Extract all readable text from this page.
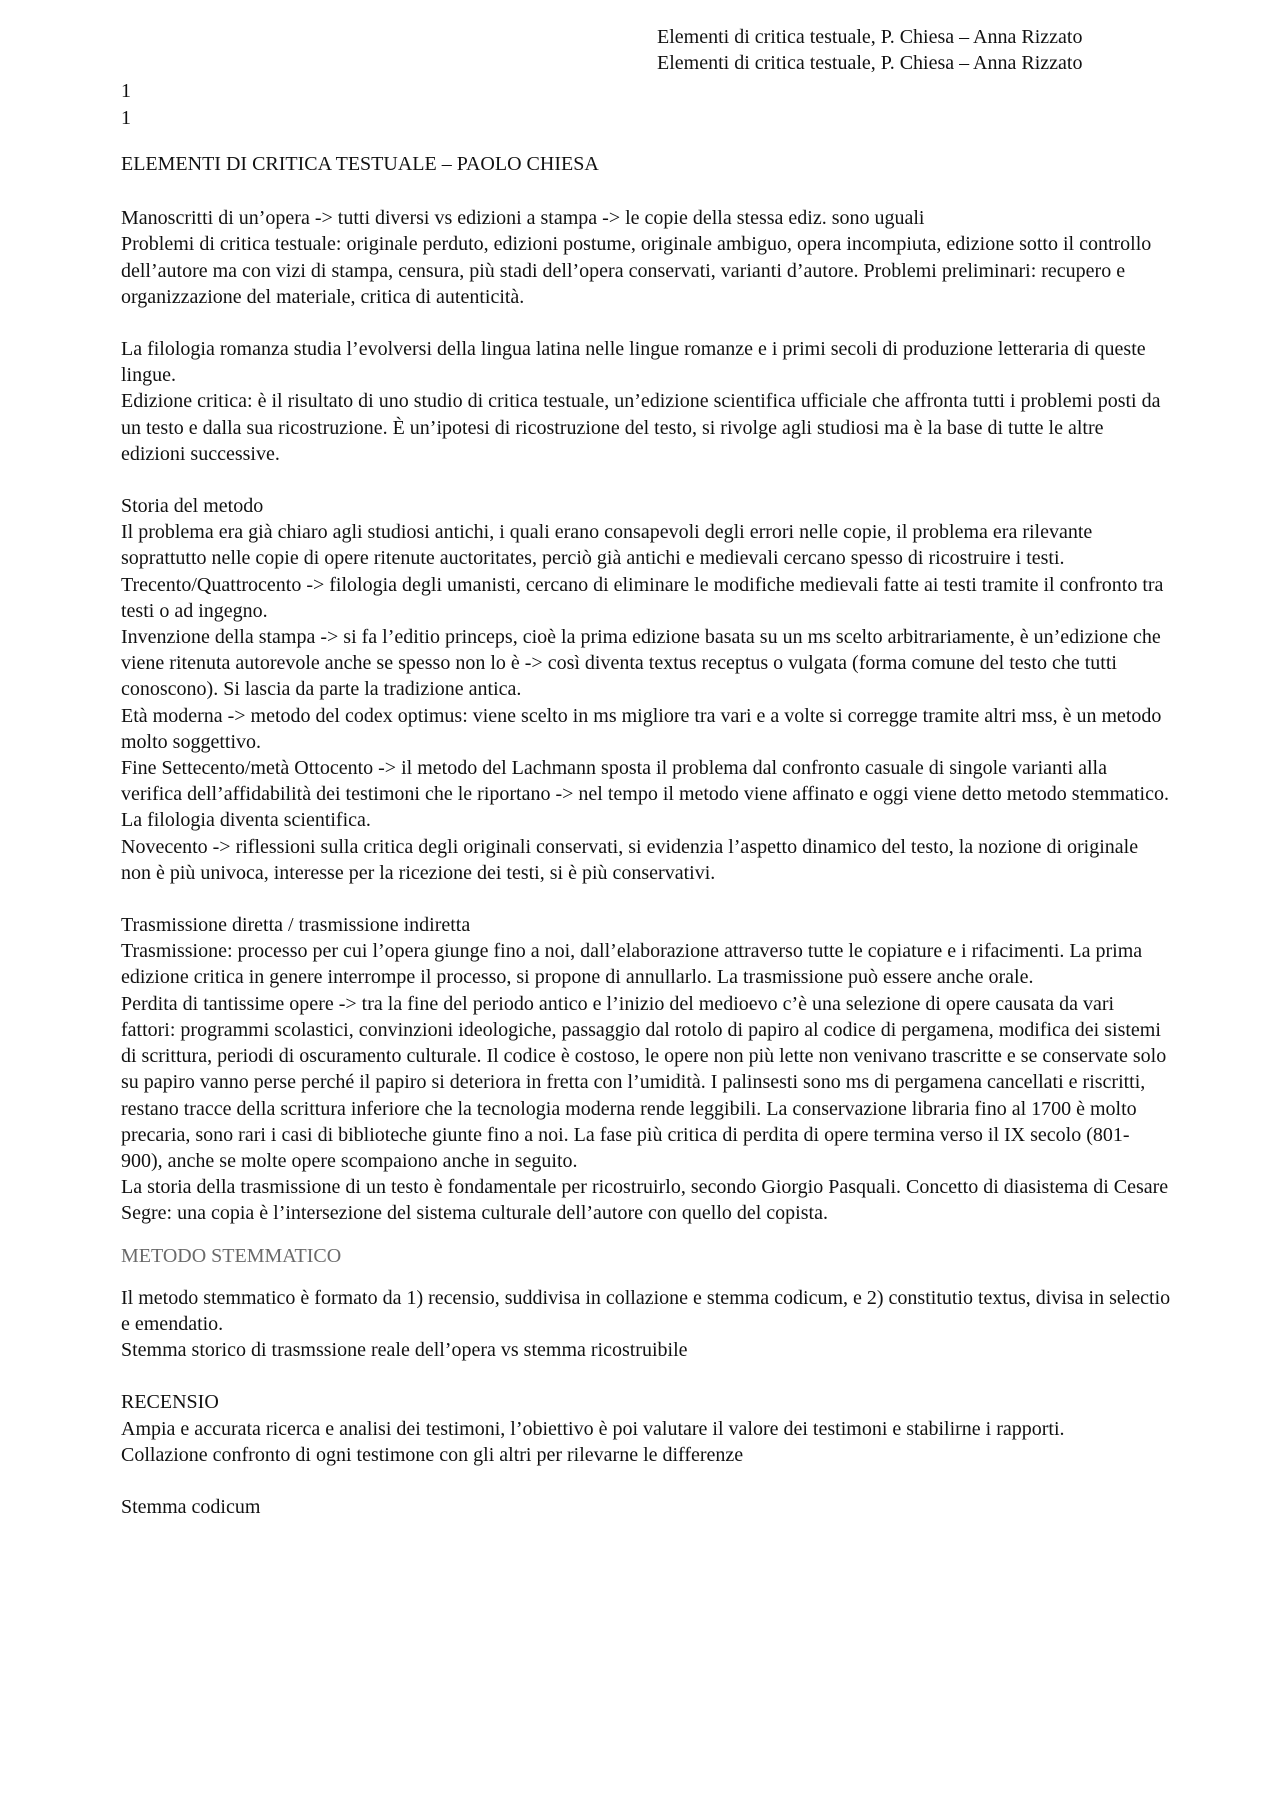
Elementi di critica testuale, P. Chiesa – Anna Rizzato
Elementi di critica testuale, P. Chiesa – Anna Rizzato
1
1

ELEMENTI DI CRITICA TESTUALE – PAOLO CHIESA

Manoscritti di un’opera -> tutti diversi vs edizioni a stampa -> le copie della stessa ediz. sono uguali

Problemi di critica testuale: originale perduto, edizioni postume, originale ambiguo, opera incompiuta, edizione sotto il controllo dell’autore ma con vizi di stampa, censura, più stadi dell’opera conservati, varianti d’autore. Problemi preliminari: recupero e organizzazione del materiale, critica di autenticità.

La filologia romanza studia l’evolversi della lingua latina nelle lingue romanze e i primi secoli di produzione letteraria di queste lingue.

Edizione critica: è il risultato di uno studio di critica testuale, un’edizione scientifica ufficiale che affronta tutti i problemi posti da un testo e dalla sua ricostruzione. È un’ipotesi di ricostruzione del testo, si rivolge agli studiosi ma è la base di tutte le altre edizioni successive.

Storia del metodo

Il problema era già chiaro agli studiosi antichi, i quali erano consapevoli degli errori nelle copie, il problema era rilevante soprattutto nelle copie di opere ritenute auctoritates, perciò già antichi e medievali cercano spesso di ricostruire i testi.

Trecento/Quattrocento -> filologia degli umanisti, cercano di eliminare le modifiche medievali fatte ai testi tramite il confronto tra testi o ad ingegno.

Invenzione della stampa -> si fa l’editio princeps, cioè la prima edizione basata su un ms scelto arbitrariamente, è un’edizione che viene ritenuta autorevole anche se spesso non lo è -> così diventa textus receptus o vulgata (forma comune del testo che tutti conoscono). Si lascia da parte la tradizione antica.

Età moderna -> metodo del codex optimus: viene scelto in ms migliore tra vari e a volte si corregge tramite altri mss, è un metodo molto soggettivo.

Fine Settecento/metà Ottocento -> il metodo del Lachmann sposta il problema dal confronto casuale di singole varianti alla verifica dell’affidabilità dei testimoni che le riportano -> nel tempo il metodo viene affinato e oggi viene detto metodo stemmatico. La filologia diventa scientifica.

Novecento -> riflessioni sulla critica degli originali conservati, si evidenzia l’aspetto dinamico del testo, la nozione di originale non è più univoca, interesse per la ricezione dei testi, si è più conservativi.

Trasmissione diretta / trasmissione indiretta

Trasmissione: processo per cui l’opera giunge fino a noi, dall’elaborazione attraverso tutte le copiature e i rifacimenti. La prima edizione critica in genere interrompe il processo, si propone di annullarlo. La trasmissione può essere anche orale.

Perdita di tantissime opere -> tra la fine del periodo antico e l’inizio del medioevo c’è una selezione di opere causata da vari fattori: programmi scolastici, convinzioni ideologiche, passaggio dal rotolo di papiro al codice di pergamena, modifica dei sistemi di scrittura, periodi di oscuramento culturale. Il codice è costoso, le opere non più lette non venivano trascritte e se conservate solo su papiro vanno perse perché il papiro si deteriora in fretta con l’umidità. I palinsesti sono ms di pergamena cancellati e riscritti, restano tracce della scrittura inferiore che la tecnologia moderna rende leggibili. La conservazione libraria fino al 1700 è molto precaria, sono rari i casi di biblioteche giunte fino a noi. La fase più critica di perdita di opere termina verso il IX secolo (801-900), anche se molte opere scompaiono anche in seguito.

La storia della trasmissione di un testo è fondamentale per ricostruirlo, secondo Giorgio Pasquali. Concetto di diasistema di Cesare Segre: una copia è l’intersezione del sistema culturale dell’autore con quello del copista.

METODO STEMMATICO

Il metodo stemmatico è formato da 1) recensio, suddivisa in collazione e stemma codicum, e 2) constitutio textus, divisa in selectio e emendatio.

Stemma storico di trasmssione reale dell’opera vs stemma ricostruibile

RECENSIO

Ampia e accurata ricerca e analisi dei testimoni, l’obiettivo è poi valutare il valore dei testimoni e stabilirne i rapporti.

Collazione confronto di ogni testimone con gli altri per rilevarne le differenze

Stemma codicum
